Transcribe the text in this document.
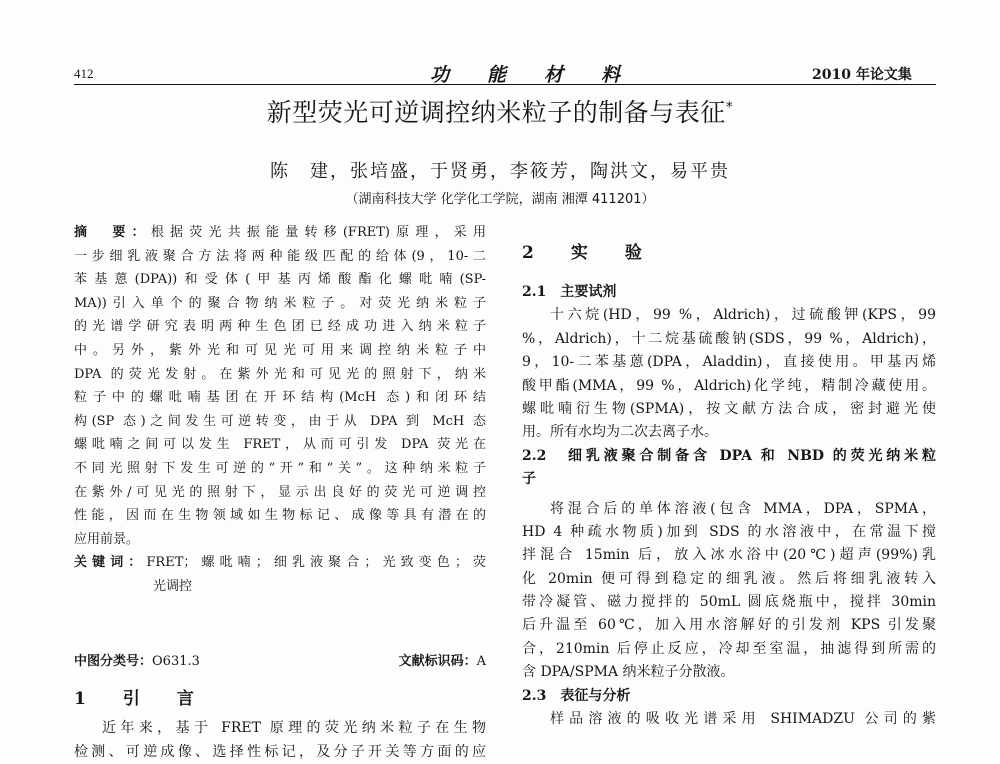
412	功能材料	2010 年论文集
新型荧光可逆调控纳米粒子的制备与表征*
陈　建，张培盛，于贤勇，李筱芳，陶洪文，易平贵
（湖南科技大学 化学化工学院，湖南 湘潭 411201）
摘　要：根据荧光共振能量转移(FRET)原理，采用
一步细乳液聚合方法将两种能级匹配的给体(9，10-二
苯基蒽(DPA))和受体(甲基丙烯酸酯化螺吡喃(SP-
MA))引入单个的聚合物纳米粒子。对荧光纳米粒子
的光谱学研究表明两种生色团已经成功进入纳米粒子
中。另外，紫外光和可见光可用来调控纳米粒子中
DPA 的荧光发射。在紫外光和可见光的照射下，纳米
粒子中的螺吡喃基团在开环结构(McH 态)和闭环结
构(SP 态)之间发生可逆转变，由于从 DPA 到 McH 态
螺吡喃之间可以发生 FRET，从而可引发 DPA 荧光在
不同光照射下发生可逆的“开”和“关”。这种纳米粒子
在紫外/可见光的照射下，显示出良好的荧光可逆调控
性能，因而在生物领域如生物标记、成像等具有潜在的
应用前景。
关键词：FRET；螺吡喃；细乳液聚合；光致变色；荧
光调控
中图分类号：O631.3	文献标识码：A
1　引　言
近年来，基于 FRET 原理的荧光纳米粒子在生物
检测、可逆成像、选择性标记，及分子开关等方面的应
2　实　验
2.1　主要试剂
十六烷(HD，99 %，Aldrich)，过硫酸钾(KPS，99
%，Aldrich)，十二烷基硫酸钠(SDS，99 %，Aldrich)，
9，10-二苯基蒽(DPA，Aladdin)，直接使用。甲基丙烯
酸甲酯(MMA，99 %，Aldrich)化学纯，精制冷藏使用。
螺吡喃衍生物(SPMA)，按文献方法合成，密封避光使
用。所有水均为二次去离子水。
2.2　细乳液聚合制备含 DPA 和 NBD 的荧光纳米粒
子
将混合后的单体溶液(包含 MMA，DPA，SPMA，
HD 4 种疏水物质)加到 SDS 的水溶液中，在常温下搅
拌混合 15min 后，放入冰水浴中(20℃)超声(99%)乳
化 20min 便可得到稳定的细乳液。然后将细乳液转入
带冷凝管、磁力搅拌的 50mL 圆底烧瓶中，搅拌 30min
后升温至 60℃，加入用水溶解好的引发剂 KPS 引发聚
合，210min 后停止反应，冷却至室温，抽滤得到所需的
含 DPA/SPMA 纳米粒子分散液。
2.3　表征与分析
样品溶液的吸收光谱采用 SHIMADZU 公司的紫
